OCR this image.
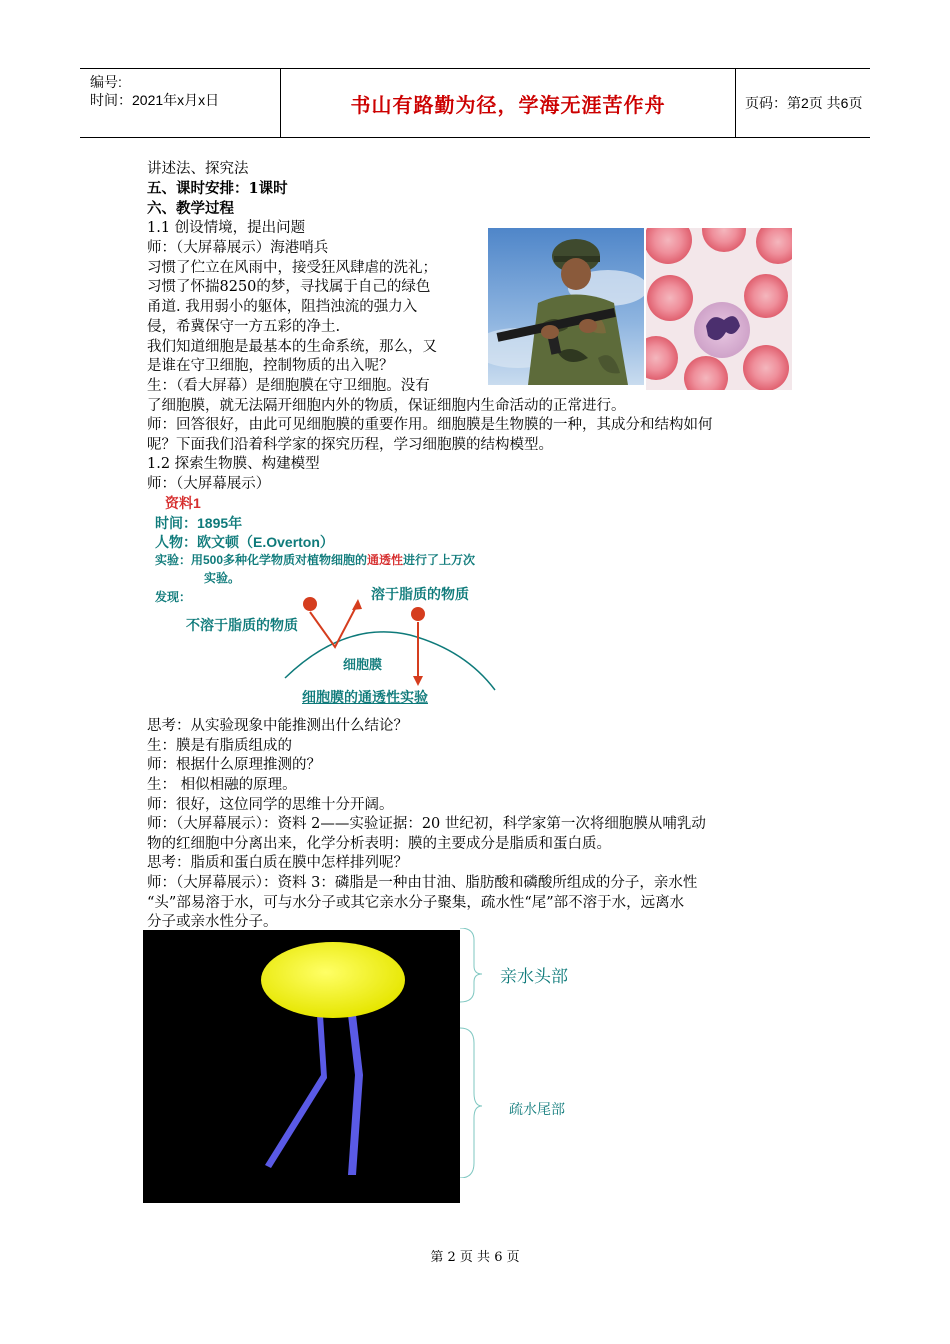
编号:
时间：2021年x月x日	书山有路勤为径，学海无涯苦作舟	页码：第2页 共6页
讲述法、探究法
五、课时安排：1课时
六、教学过程
1.1 创设情境，提出问题
师：（大屏幕展示）海港哨兵
习惯了伫立在风雨中，接受狂风肆虐的洗礼；
习惯了怀揣8250的梦，寻找属于自己的绿色
甬道. 我用弱小的躯体，阻挡浊流的强力入
侵，希冀保守一方五彩的净土.
我们知道细胞是最基本的生命系统，那么，又
是谁在守卫细胞，控制物质的出入呢？
生：（看大屏幕）是细胞膜在守卫细胞。没有
了细胞膜，就无法隔开细胞内外的物质，保证细胞内生命活动的正常进行。
师：回答很好，由此可见细胞膜的重要作用。细胞膜是生物膜的一种，其成分和结构如何
呢？下面我们沿着科学家的探究历程，学习细胞膜的结构模型。
1.2 探索生物膜、构建模型
师：（大屏幕展示）
资料1
时间：1895年
人物：欧文顿（E.Overton）
实验：用500多种化学物质对植物细胞的通透性进行了上万次
实验。
发现：	溶于脂质的物质
不溶于脂质的物质
细胞膜
细胞膜的通透性实验
思考：从实验现象中能推测出什么结论？
生：膜是有脂质组成的
师：根据什么原理推测的？
生： 相似相融的原理。
师：很好，这位同学的思维十分开阔。
师：（大屏幕展示）：资料 2——实验证据：20 世纪初，科学家第一次将细胞膜从哺乳动
物的红细胞中分离出来，化学分析表明：膜的主要成分是脂质和蛋白质。
思考：脂质和蛋白质在膜中怎样排列呢？
师：（大屏幕展示）：资料 3：磷脂是一种由甘油、脂肪酸和磷酸所组成的分子，亲水性
“头”部易溶于水，可与水分子或其它亲水分子聚集，疏水性“尾”部不溶于水，远离水
分子或亲水性分子。
亲水头部
疏水尾部
第 2 页 共 6 页
